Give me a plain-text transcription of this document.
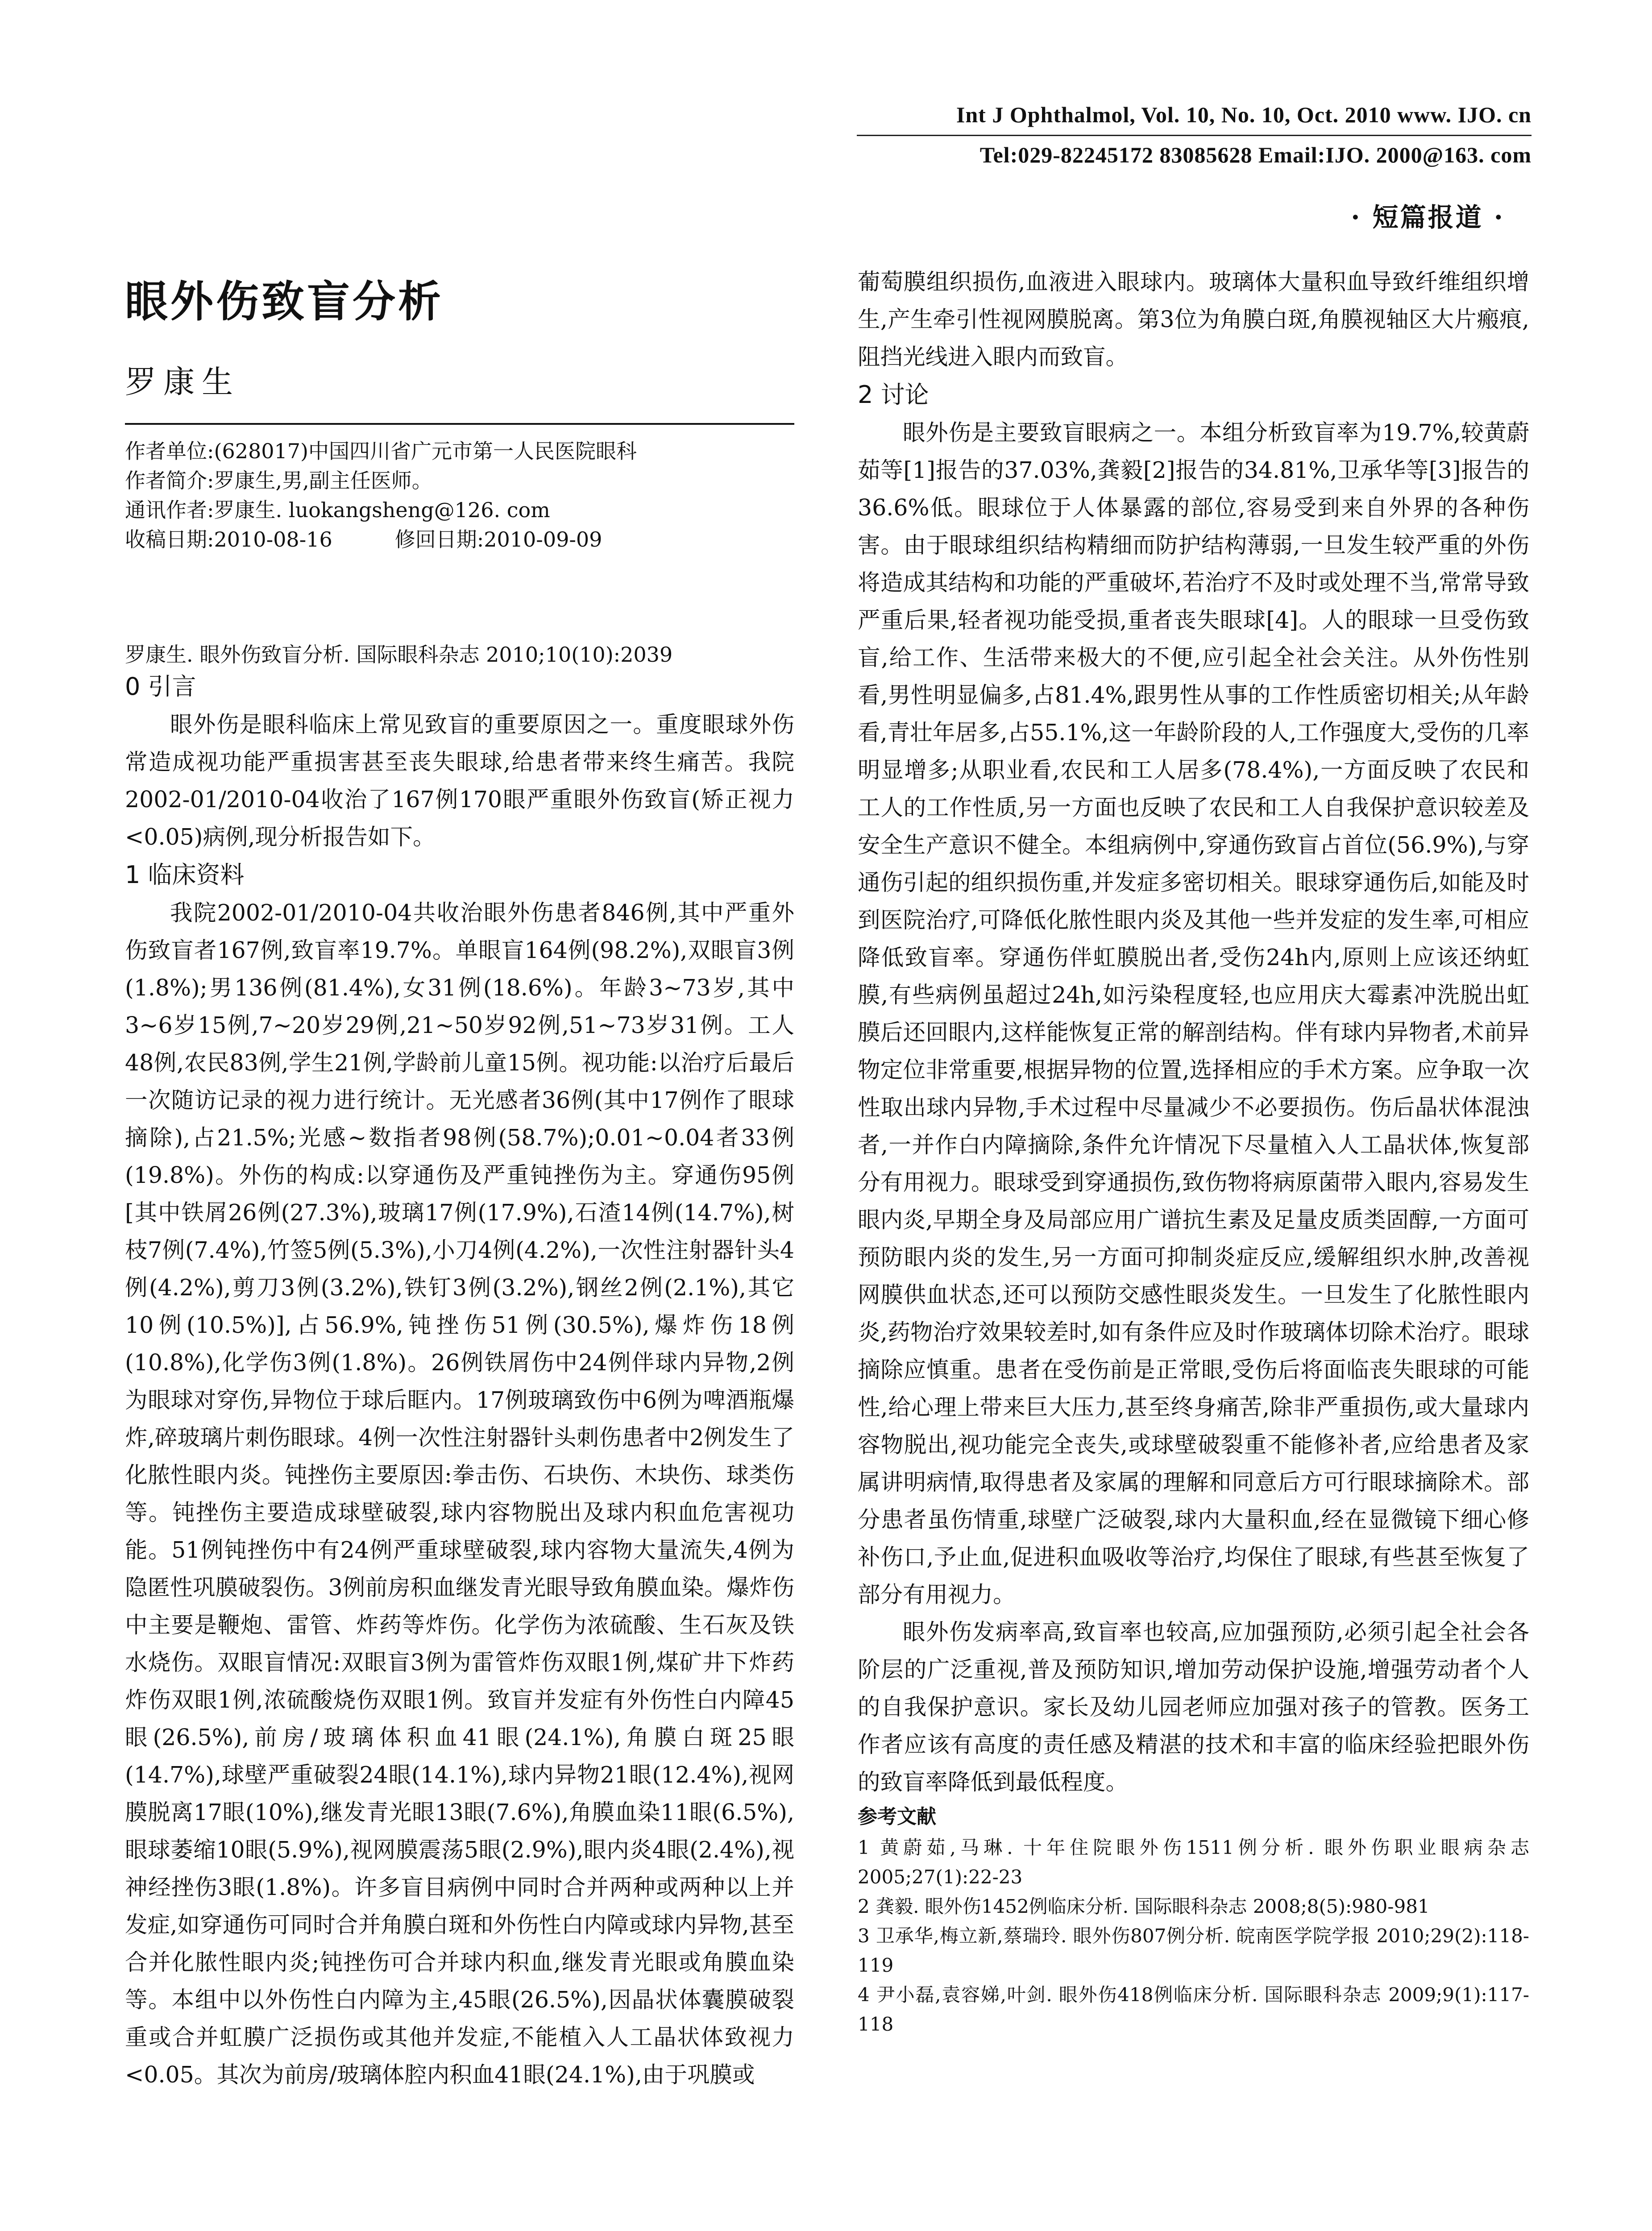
Int J Ophthalmol, Vol. 10, No. 10, Oct. 2010 www. IJO. cn
Tel:029-82245172 83085628 Email:IJO. 2000@163. com
· 短篇报道 ·
眼外伤致盲分析
罗康生
作者单位:(628017)中国四川省广元市第一人民医院眼科
作者简介:罗康生,男,副主任医师。
通讯作者:罗康生. luokangsheng@126. com
收稿日期:2010-08-16	修回日期:2010-09-09
罗康生. 眼外伤致盲分析. 国际眼科杂志 2010;10(10):2039
0 引言

眼外伤是眼科临床上常见致盲的重要原因之一。重度眼球外伤常造成视功能严重损害甚至丧失眼球,给患者带来终生痛苦。我院2002-01/2010-04收治了167例170眼严重眼外伤致盲(矫正视力<0.05)病例,现分析报告如下。

1 临床资料

我院2002-01/2010-04共收治眼外伤患者846例,其中严重外伤致盲者167例,致盲率19.7%。单眼盲164例(98.2%),双眼盲3例(1.8%);男136例(81.4%),女31例(18.6%)。年龄3~73岁,其中3~6岁15例,7~20岁29例,21~50岁92例,51~73岁31例。工人48例,农民83例,学生21例,学龄前儿童15例。视功能:以治疗后最后一次随访记录的视力进行统计。无光感者36例(其中17例作了眼球摘除),占21.5%;光感~数指者98例(58.7%);0.01~0.04者33例(19.8%)。外伤的构成:以穿通伤及严重钝挫伤为主。穿通伤95例[其中铁屑26例(27.3%),玻璃17例(17.9%),石渣14例(14.7%),树枝7例(7.4%),竹签5例(5.3%),小刀4例(4.2%),一次性注射器针头4例(4.2%),剪刀3例(3.2%),铁钉3例(3.2%),钢丝2例(2.1%),其它10例(10.5%)],占56.9%,钝挫伤51例(30.5%),爆炸伤18例(10.8%),化学伤3例(1.8%)。26例铁屑伤中24例伴球内异物,2例为眼球对穿伤,异物位于球后眶内。17例玻璃致伤中6例为啤酒瓶爆炸,碎玻璃片刺伤眼球。4例一次性注射器针头刺伤患者中2例发生了化脓性眼内炎。钝挫伤主要原因:拳击伤、石块伤、木块伤、球类伤等。钝挫伤主要造成球壁破裂,球内容物脱出及球内积血危害视功能。51例钝挫伤中有24例严重球壁破裂,球内容物大量流失,4例为隐匿性巩膜破裂伤。3例前房积血继发青光眼导致角膜血染。爆炸伤中主要是鞭炮、雷管、炸药等炸伤。化学伤为浓硫酸、生石灰及铁水烧伤。双眼盲情况:双眼盲3例为雷管炸伤双眼1例,煤矿井下炸药炸伤双眼1例,浓硫酸烧伤双眼1例。致盲并发症有外伤性白内障45眼(26.5%),前房/玻璃体积血41眼(24.1%),角膜白斑25眼(14.7%),球壁严重破裂24眼(14.1%),球内异物21眼(12.4%),视网膜脱离17眼(10%),继发青光眼13眼(7.6%),角膜血染11眼(6.5%),眼球萎缩10眼(5.9%),视网膜震荡5眼(2.9%),眼内炎4眼(2.4%),视神经挫伤3眼(1.8%)。许多盲目病例中同时合并两种或两种以上并发症,如穿通伤可同时合并角膜白斑和外伤性白内障或球内异物,甚至合并化脓性眼内炎;钝挫伤可合并球内积血,继发青光眼或角膜血染等。本组中以外伤性白内障为主,45眼(26.5%),因晶状体囊膜破裂重或合并虹膜广泛损伤或其他并发症,不能植入人工晶状体致视力<0.05。其次为前房/玻璃体腔内积血41眼(24.1%),由于巩膜或

葡萄膜组织损伤,血液进入眼球内。玻璃体大量积血导致纤维组织增生,产生牵引性视网膜脱离。第3位为角膜白斑,角膜视轴区大片瘢痕,阻挡光线进入眼内而致盲。

2 讨论

眼外伤是主要致盲眼病之一。本组分析致盲率为19.7%,较黄蔚茹等[1]报告的37.03%,龚毅[2]报告的34.81%,卫承华等[3]报告的36.6%低。眼球位于人体暴露的部位,容易受到来自外界的各种伤害。由于眼球组织结构精细而防护结构薄弱,一旦发生较严重的外伤将造成其结构和功能的严重破坏,若治疗不及时或处理不当,常常导致严重后果,轻者视功能受损,重者丧失眼球[4]。人的眼球一旦受伤致盲,给工作、生活带来极大的不便,应引起全社会关注。从外伤性别看,男性明显偏多,占81.4%,跟男性从事的工作性质密切相关;从年龄看,青壮年居多,占55.1%,这一年龄阶段的人,工作强度大,受伤的几率明显增多;从职业看,农民和工人居多(78.4%),一方面反映了农民和工人的工作性质,另一方面也反映了农民和工人自我保护意识较差及安全生产意识不健全。本组病例中,穿通伤致盲占首位(56.9%),与穿通伤引起的组织损伤重,并发症多密切相关。眼球穿通伤后,如能及时到医院治疗,可降低化脓性眼内炎及其他一些并发症的发生率,可相应降低致盲率。穿通伤伴虹膜脱出者,受伤24h内,原则上应该还纳虹膜,有些病例虽超过24h,如污染程度轻,也应用庆大霉素冲洗脱出虹膜后还回眼内,这样能恢复正常的解剖结构。伴有球内异物者,术前异物定位非常重要,根据异物的位置,选择相应的手术方案。应争取一次性取出球内异物,手术过程中尽量减少不必要损伤。伤后晶状体混浊者,一并作白内障摘除,条件允许情况下尽量植入人工晶状体,恢复部分有用视力。眼球受到穿通损伤,致伤物将病原菌带入眼内,容易发生眼内炎,早期全身及局部应用广谱抗生素及足量皮质类固醇,一方面可预防眼内炎的发生,另一方面可抑制炎症反应,缓解组织水肿,改善视网膜供血状态,还可以预防交感性眼炎发生。一旦发生了化脓性眼内炎,药物治疗效果较差时,如有条件应及时作玻璃体切除术治疗。眼球摘除应慎重。患者在受伤前是正常眼,受伤后将面临丧失眼球的可能性,给心理上带来巨大压力,甚至终身痛苦,除非严重损伤,或大量球内容物脱出,视功能完全丧失,或球壁破裂重不能修补者,应给患者及家属讲明病情,取得患者及家属的理解和同意后方可行眼球摘除术。部分患者虽伤情重,球壁广泛破裂,球内大量积血,经在显微镜下细心修补伤口,予止血,促进积血吸收等治疗,均保住了眼球,有些甚至恢复了部分有用视力。

眼外伤发病率高,致盲率也较高,应加强预防,必须引起全社会各阶层的广泛重视,普及预防知识,增加劳动保护设施,增强劳动者个人的自我保护意识。家长及幼儿园老师应加强对孩子的管教。医务工作者应该有高度的责任感及精湛的技术和丰富的临床经验把眼外伤的致盲率降低到最低程度。

参考文献

1 黄蔚茹,马琳. 十年住院眼外伤1511例分析. 眼外伤职业眼病杂志 2005;27(1):22-23

2 龚毅. 眼外伤1452例临床分析. 国际眼科杂志 2008;8(5):980-981

3 卫承华,梅立新,蔡瑞玲. 眼外伤807例分析. 皖南医学院学报 2010;29(2):118-119

4 尹小磊,袁容娣,叶剑. 眼外伤418例临床分析. 国际眼科杂志 2009;9(1):117-118
